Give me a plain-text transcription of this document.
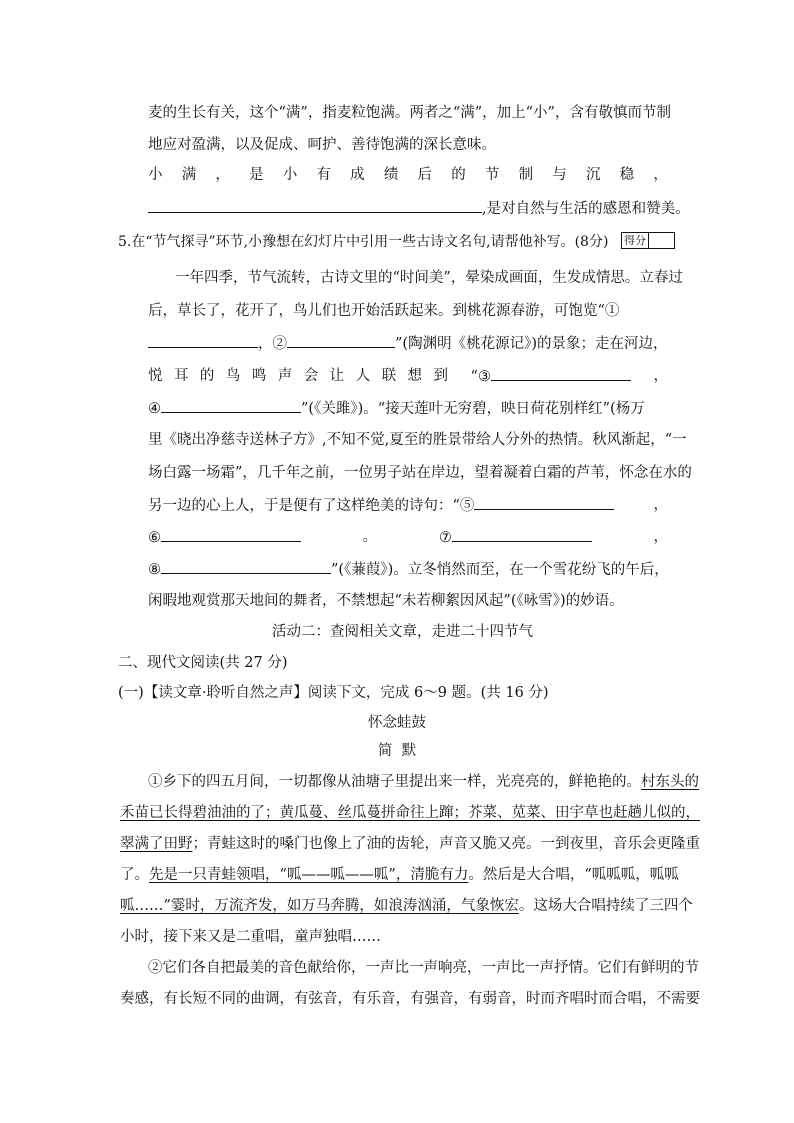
麦的生长有关，这个“满”，指麦粒饱满。两者之“满”，加上“小”，含有敬慎而节制
地应对盈满，以及促成、呵护、善待饱满的深长意味。
小 满 ， 是 小 有 成 绩 后 的 节 制 与 沉 稳 ，
,是对自然与生活的感恩和赞美。
5.在“节气探寻”环节,小豫想在幻灯片中引用一些古诗文名句,请帮他补写。(8分) 得分
一年四季，节气流转，古诗文里的“时间美”，晕染成画面，生发成情思。立春过
后，草长了，花开了，鸟儿们也开始活跃起来。到桃花源春游，可饱览“①
，②	”(陶渊明《桃花源记》)的景象；走在河边，
悦 耳 的 鸟 鸣 声 会 让 人 联 想 到 “③	，
④	”(《关雎》)。“接天莲叶无穷碧，映日荷花别样红”(杨万
里《晓出净慈寺送林子方》,不知不觉,夏至的胜景带给人分外的热情。秋风渐起，“一
场白露一场霜”，几千年之前，一位男子站在岸边，望着凝着白霜的芦苇，怀念在水的
另一边的心上人，于是便有了这样绝美的诗句：“⑤	，
⑥	。	⑦	，
⑧	”(《蒹葭》)。立冬悄然而至，在一个雪花纷飞的午后，
闲暇地观赏那天地间的舞者，不禁想起“未若柳絮因风起”(《咏雪》)的妙语。
活动二：查阅相关文章，走进二十四节气
二、现代文阅读(共 27 分)
(一)【读文章·聆听自然之声】阅读下文，完成 6～9 题。(共 16 分)
怀念蛙鼓
简  默
①乡下的四五月间，一切都像从油塘子里提出来一样，光亮亮的，鲜艳艳的。村东头的
禾苗已长得碧油油的了；黄瓜蔓、丝瓜蔓拼命往上蹿；芥菜、苋菜、田宇草也赶趟儿似的，
翠满了田野；青蛙这时的嗓门也像上了油的齿轮，声音又脆又亮。一到夜里，音乐会更隆重
了。先是一只青蛙领唱，“呱——呱——呱”，清脆有力。然后是大合唱，“呱呱呱，呱呱
呱……”霎时，万流齐发，如万马奔腾，如浪涛汹涌，气象恢宏。这场大合唱持续了三四个
小时，接下来又是二重唱，童声独唱……
②它们各自把最美的音色献给你，一声比一声响亮，一声比一声抒情。它们有鲜明的节
奏感，有长短不同的曲调，有弦音，有乐音，有强音，有弱音，时而齐唱时而合唱，不需要
